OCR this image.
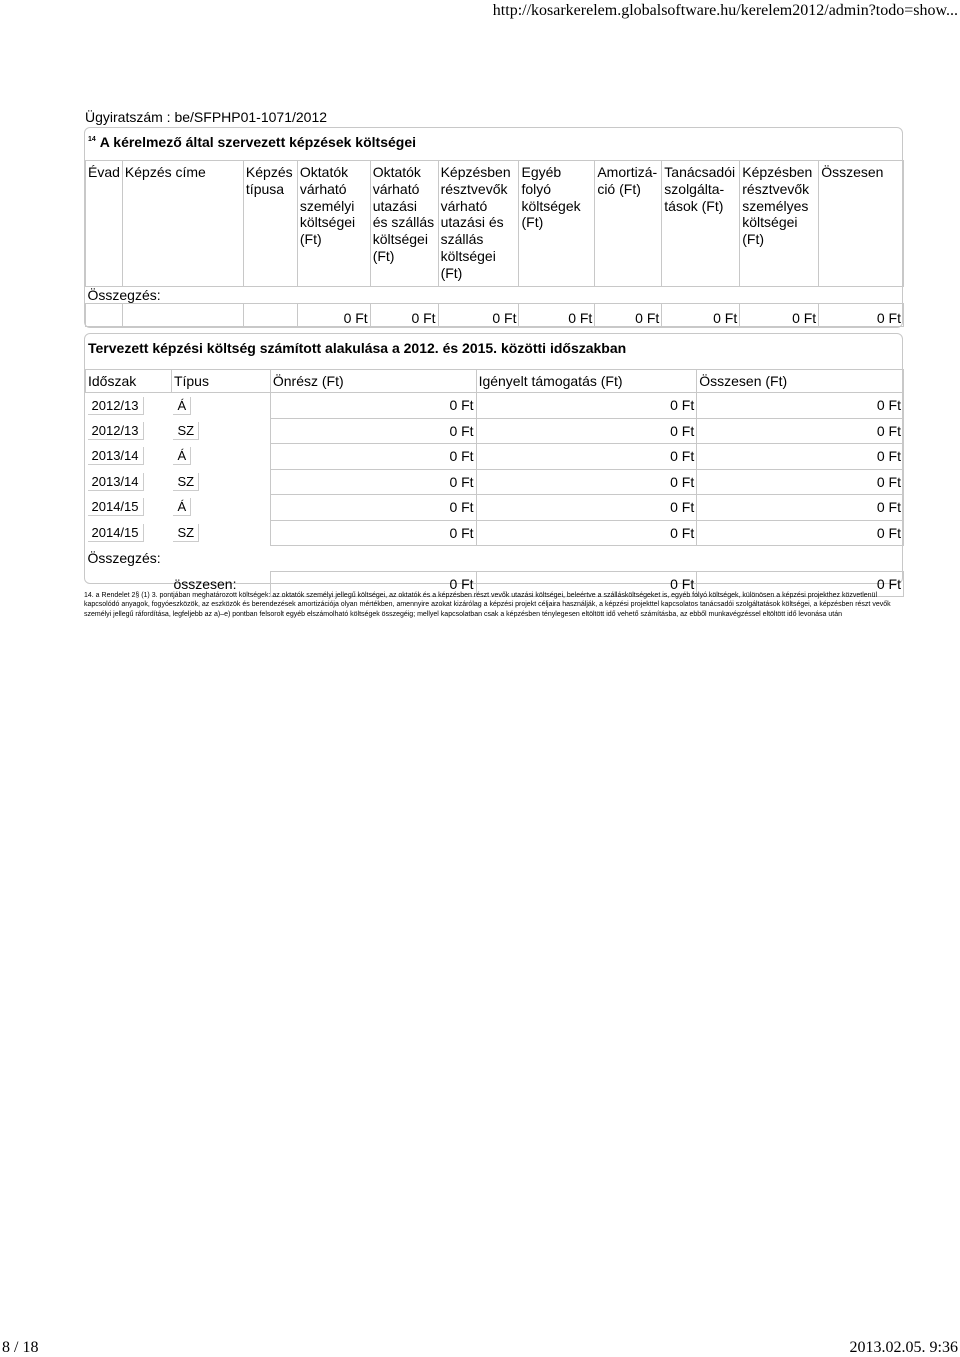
http://kosarkerelem.globalsoftware.hu/kerelem2012/admin?todo=show...
Ügyiratszám : be/SFPHP01-1071/2012
$^{14}$ A kérelmező által szervezett képzések költségei
Évad	Képzés címe	Képzés típusa	Oktatók várható személyi költségei (Ft)	Oktatók várható utazási és szállás költségei (Ft)	Képzésben résztvevők várható utazási és szállás költségei (Ft)	Egyéb folyó költségek (Ft)	Amortizá- ció (Ft)	Tanácsadói szolgálta- tások (Ft)	Képzésben résztvevők személyes költségei (Ft)	Összesen
Összegzés:										
			0 Ft	0 Ft	0 Ft	0 Ft	0 Ft	0 Ft	0 Ft	0 Ft
Tervezett képzési költség számított alakulása a 2012. és 2015. közötti időszakban
Időszak	Típus	Önrész (Ft)	Igényelt támogatás (Ft)	Összesen (Ft)
2012/13	Á	0 Ft	0 Ft	0 Ft
2012/13	SZ	0 Ft	0 Ft	0 Ft
2013/14	Á	0 Ft	0 Ft	0 Ft
2013/14	SZ	0 Ft	0 Ft	0 Ft
2014/15	Á	0 Ft	0 Ft	0 Ft
2014/15	SZ	0 Ft	0 Ft	0 Ft
Összegzés:				
	összesen:	0 Ft	0 Ft	0 Ft
14. a Rendelet 2§ (1) 3. pontjában meghatározott költségek: az oktatók személyi jellegű költségei, az oktatók és a képzésben részt vevők utazási költségei, beleértve a szállásköltségeket is, egyéb folyó költségek, különösen a képzési projekthez közvetlenül kapcsolódó anyagok, fogyóeszközök, az eszközök és berendezések amortizációja olyan mértékben, amennyire azokat kizárólag a képzési projekt céljaira használják, a képzési projekttel kapcsolatos tanácsadói szolgáltatások költségei, a képzésben részt vevők személyi jellegű ráfordítása, legfeljebb az a)–e) pontban felsorolt egyéb elszámolható költségek összegéig; mellyel kapcsolatban csak a képzésben ténylegesen eltöltött idő vehető számításba, az ebből munkavégzéssel eltöltött idő levonása után
8 / 18	2013.02.05. 9:36
